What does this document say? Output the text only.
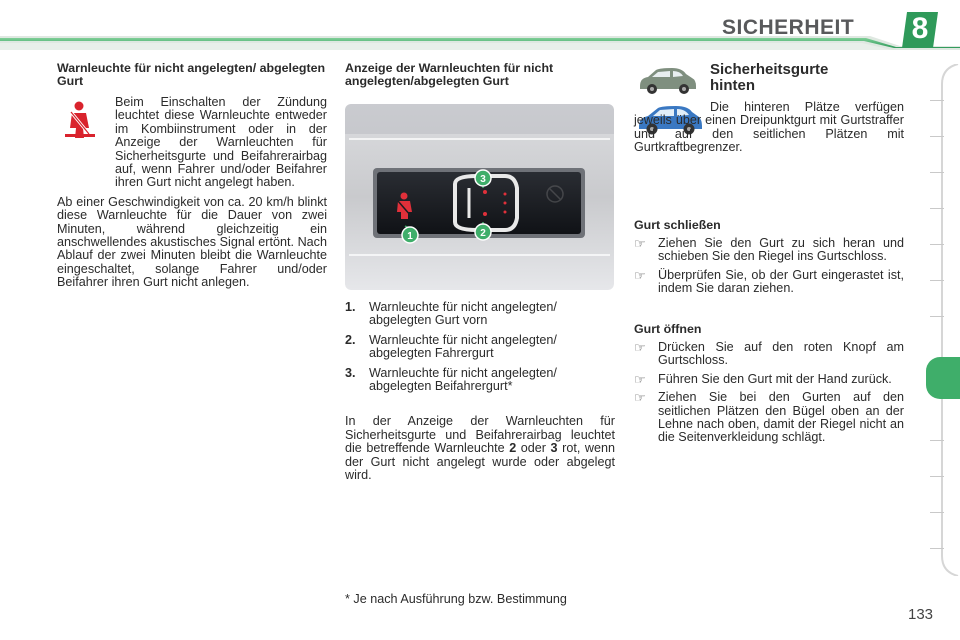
SICHERHEIT	8
Warnleuchte für nicht angelegten/ abgelegten Gurt

Beim Einschalten der Zündung leuchtet diese Warnleuchte entweder im Kombiinstrument oder in der Anzeige der Warnleuchten für Sicherheitsgurte und Beifahrerairbag auf, wenn Fahrer und/oder Beifahrer ihren Gurt nicht angelegt haben.

Ab einer Geschwindigkeit von ca. 20 km/h blinkt diese Warnleuchte für die Dauer von zwei Minuten, während gleichzeitig ein anschwellendes akustisches Signal ertönt. Nach Ablauf der zwei Minuten bleibt die Warnleuchte eingeschaltet, solange Fahrer und/oder Beifahrer ihren Gurt nicht anlegen.

Anzeige der Warnleuchten für nicht angelegten/abgelegten Gurt
1	2
3
1.	Warnleuchte für nicht angelegten/ abgelegten Gurt vorn
2.	Warnleuchte für nicht angelegten/ abgelegten Fahrergurt
3.	Warnleuchte für nicht angelegten/ abgelegten Beifahrergurt*

In der Anzeige der Warnleuchten für Sicherheitsgurte und Beifahrerairbag leuchtet die betreffende Warnleuchte 2 oder 3 rot, wenn der Gurt nicht angelegt wurde oder abgelegt wird.

* Je nach Ausführung bzw. Bestimmung
Sicherheitsgurte hinten

Die hinteren Plätze verfügen jeweils über einen Dreipunktgurt mit Gurtstraffer und auf den seitlichen Plätzen mit Gurtkraftbegrenzer.

Gurt schließen
☞ Ziehen Sie den Gurt zu sich heran und schieben Sie den Riegel ins Gurtschloss.
☞ Überprüfen Sie, ob der Gurt eingerastet ist, indem Sie daran ziehen.
Gurt öffnen
☞ Drücken Sie auf den roten Knopf am Gurtschloss.
☞ Führen Sie den Gurt mit der Hand zurück.
☞ Ziehen Sie bei den Gurten auf den seitlichen Plätzen den Bügel oben an der Lehne nach oben, damit der Riegel nicht an die Seitenverkleidung schlägt.
133
